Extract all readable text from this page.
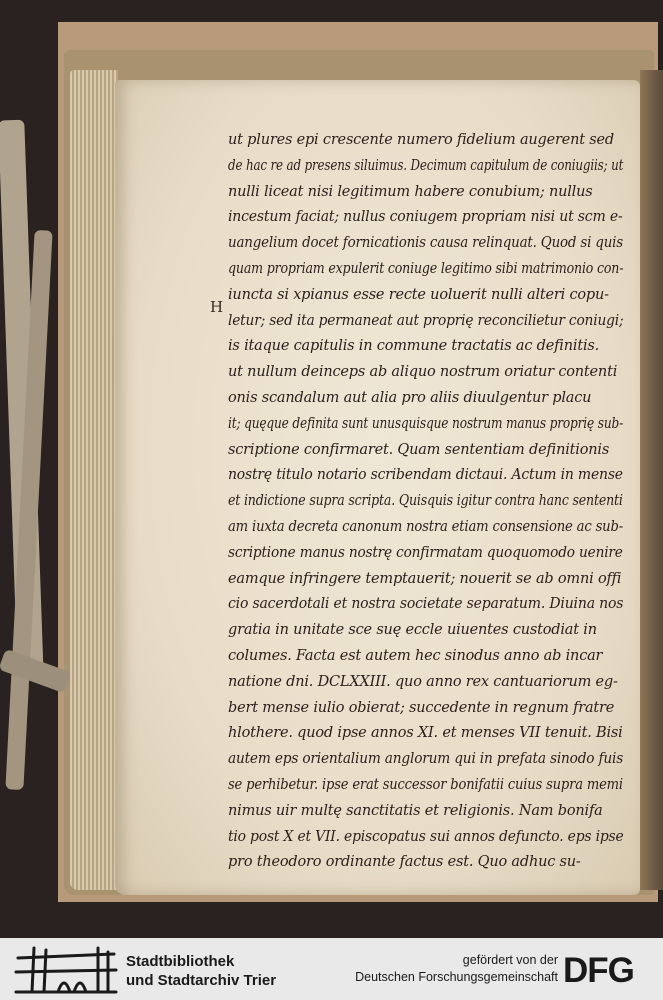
H
ut plures epi crescente numero fidelium augerent sed
de hac re ad presens siluimus. Decimum capitulum de coniugiis; ut
nulli liceat nisi legitimum habere conubium; nullus
incestum faciat; nullus coniugem propriam nisi ut scm e-
uangelium docet fornicationis causa relinquat. Quod si quis
quam propriam expulerit coniuge legitimo sibi matrimonio con-
iuncta si xpianus esse recte uoluerit nulli alteri copu-
letur; sed ita permaneat aut proprię reconcilietur coniugi;
is itaque capitulis in commune tractatis ac definitis.
ut nullum deinceps ab aliquo nostrum oriatur contenti
onis scandalum aut alia pro aliis diuulgentur placu
it; quęque definita sunt unusquisque nostrum manus proprię sub-
scriptione confirmaret. Quam sententiam definitionis
nostrę titulo notario scribendam dictaui. Actum in mense
et indictione supra scripta. Quisquis igitur contra hanc sententi
am iuxta decreta canonum nostra etiam consensione ac sub-
scriptione manus nostrę confirmatam quoquomodo uenire
eamque infringere temptauerit; nouerit se ab omni offi
cio sacerdotali et nostra societate separatum. Diuina nos
gratia in unitate sce suę eccle uiuentes custodiat in
columes. Facta est autem hec sinodus anno ab incar
natione dni. DCLXXIII. quo anno rex cantuariorum eg-
bert mense iulio obierat; succedente in regnum fratre
hlothere. quod ipse annos XI. et menses VII tenuit. Bisi
autem eps orientalium anglorum qui in prefata sinodo fuis
se perhibetur. ipse erat successor bonifatii cuius supra memi
nimus uir multę sanctitatis et religionis. Nam bonifa
tio post X et VII. episcopatus sui annos defuncto. eps ipse
pro theodoro ordinante factus est. Quo adhuc su-
Stadtbibliothek
und Stadtarchiv Trier
gefördert von der
Deutschen Forschungsgemeinschaft DFG
